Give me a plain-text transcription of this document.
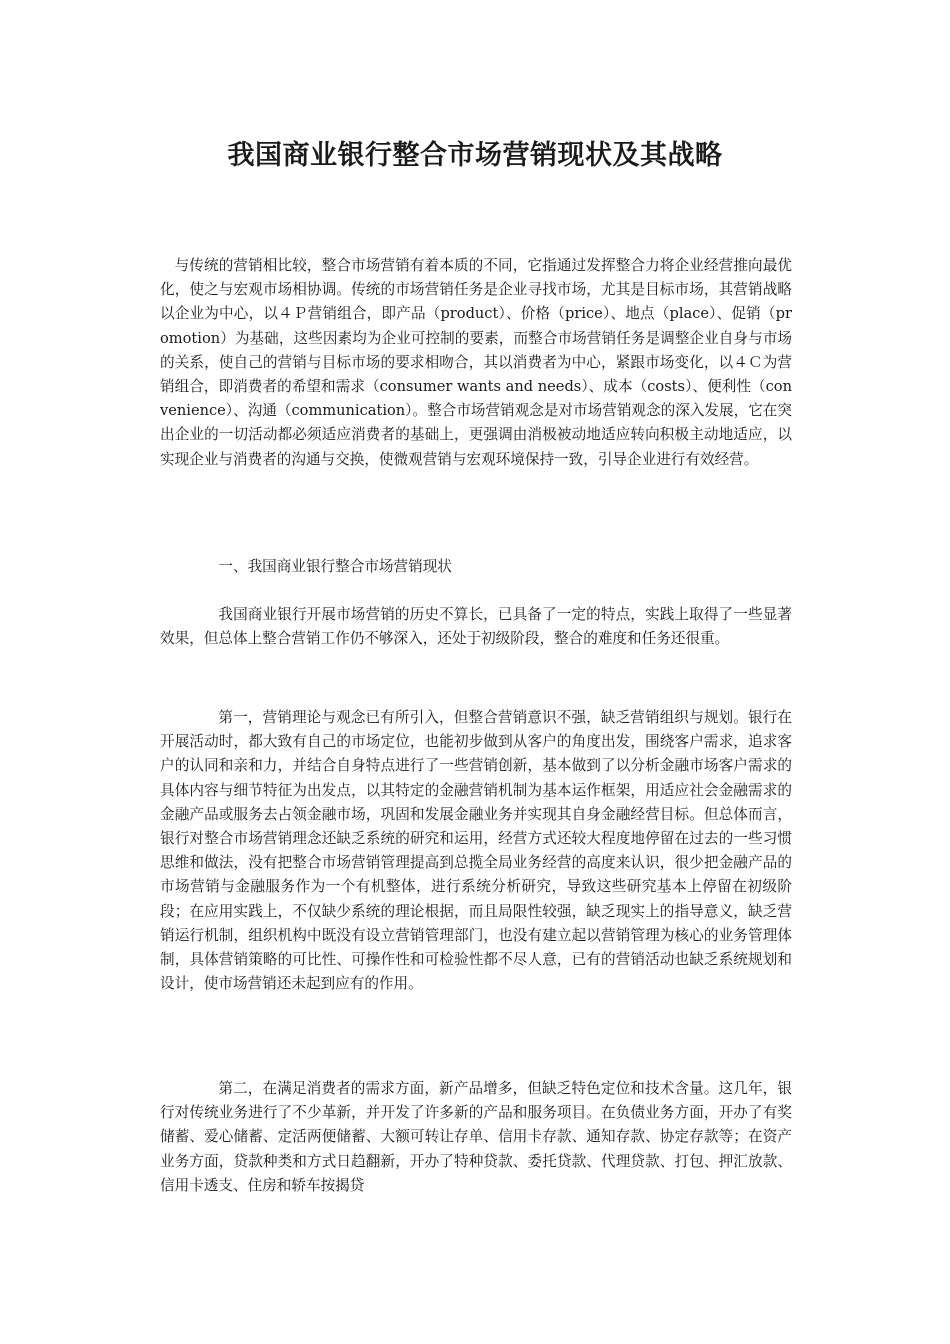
我国商业银行整合市场营销现状及其战略

与传统的营销相比较，整合市场营销有着本质的不同，它指通过发挥整合力将企业经营推向最优化，使之与宏观市场相协调。传统的市场营销任务是企业寻找市场，尤其是目标市场，其营销战略以企业为中心，以４Ｐ营销组合，即产品（product）、价格（price）、地点（place）、促销（promotion）为基础，这些因素均为企业可控制的要素，而整合市场营销任务是调整企业自身与市场的关系，使自己的营销与目标市场的要求相吻合，其以消费者为中心，紧跟市场变化，以４Ｃ为营销组合，即消费者的希望和需求（consumer wants and needs）、成本（costs）、便利性（convenience）、沟通（communication）。整合市场营销观念是对市场营销观念的深入发展，它在突出企业的一切活动都必须适应消费者的基础上，更强调由消极被动地适应转向积极主动地适应，以实现企业与消费者的沟通与交换，使微观营销与宏观环境保持一致，引导企业进行有效经营。

一、我国商业银行整合市场营销现状

我国商业银行开展市场营销的历史不算长，已具备了一定的特点，实践上取得了一些显著效果，但总体上整合营销工作仍不够深入，还处于初级阶段，整合的难度和任务还很重。

第一，营销理论与观念已有所引入，但整合营销意识不强，缺乏营销组织与规划。银行在开展活动时，都大致有自己的市场定位，也能初步做到从客户的角度出发，围绕客户需求，追求客户的认同和亲和力，并结合自身特点进行了一些营销创新，基本做到了以分析金融市场客户需求的具体内容与细节特征为出发点，以其特定的金融营销机制为基本运作框架，用适应社会金融需求的金融产品或服务去占领金融市场，巩固和发展金融业务并实现其自身金融经营目标。但总体而言，银行对整合市场营销理念还缺乏系统的研究和运用，经营方式还较大程度地停留在过去的一些习惯思维和做法，没有把整合市场营销管理提高到总揽全局业务经营的高度来认识，很少把金融产品的市场营销与金融服务作为一个有机整体，进行系统分析研究，导致这些研究基本上停留在初级阶段；在应用实践上，不仅缺少系统的理论根据，而且局限性较强，缺乏现实上的指导意义，缺乏营销运行机制，组织机构中既没有设立营销管理部门，也没有建立起以营销管理为核心的业务管理体制，具体营销策略的可比性、可操作性和可检验性都不尽人意，已有的营销活动也缺乏系统规划和设计，使市场营销还未起到应有的作用。

第二，在满足消费者的需求方面，新产品增多，但缺乏特色定位和技术含量。这几年，银行对传统业务进行了不少革新，并开发了许多新的产品和服务项目。在负债业务方面，开办了有奖储蓄、爱心储蓄、定活两便储蓄、大额可转让存单、信用卡存款、通知存款、协定存款等；在资产业务方面，贷款种类和方式日趋翻新，开办了特种贷款、委托贷款、代理贷款、打包、押汇放款、信用卡透支、住房和轿车按揭贷
